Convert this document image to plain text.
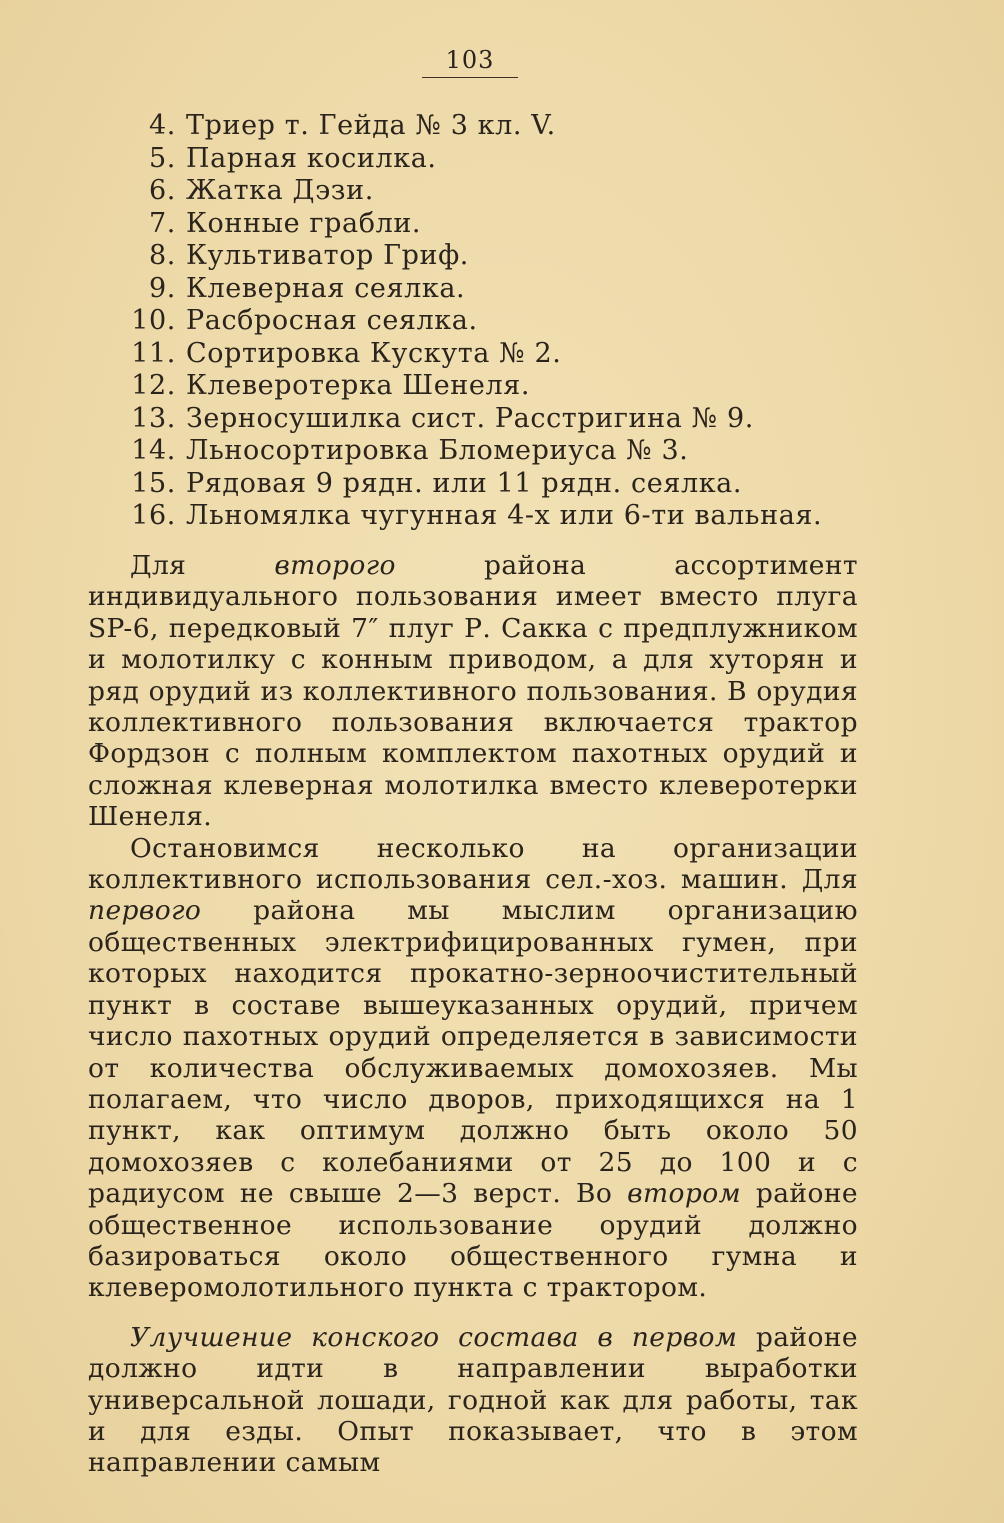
103
4. Триер т. Гейда № 3 кл. V.
5. Парная косилка.
6. Жатка Дэзи.
7. Конные грабли.
8. Культиватор Гриф.
9. Клеверная сеялка.
10. Расбросная сеялка.
11. Сортировка Кускута № 2.
12. Клеверотерка Шенеля.
13. Зерносушилка сист. Расстригина № 9.
14. Льносортировка Бломериуса № 3.
15. Рядовая 9 рядн. или 11 рядн. сеялка.
16. Льномялка чугунная 4-х или 6-ти вальная.

Для второго района ассортимент индивидуального пользования имеет вместо плуга SP-6, передковый 7″ плуг Р. Сакка с предплужником и молотилку с конным приводом, а для хуторян и ряд орудий из коллективного пользования. В орудия коллективного пользования включается трактор Фордзон с полным комплектом пахотных орудий и сложная клеверная молотилка вместо клеверотерки Шенеля.

Остановимся несколько на организации коллективного использования сел.-хоз. машин. Для первого района мы мыслим организацию общественных электрифицированных гумен, при которых находится прокатно-зерноочистительный пункт в составе вышеуказанных орудий, причем число пахотных орудий определяется в зависимости от количества обслуживаемых домохозяев. Мы полагаем, что число дворов, приходящихся на 1 пункт, как оптимум должно быть около 50 домохозяев с колебаниями от 25 до 100 и с радиусом не свыше 2—3 верст. Во втором районе общественное использование орудий должно базироваться около общественного гумна и клеверомолотильного пункта с трактором.

Улучшение конского состава в первом районе должно идти в направлении выработки универсальной лошади, годной как для работы, так и для езды. Опыт показывает, что в этом направлении самым
